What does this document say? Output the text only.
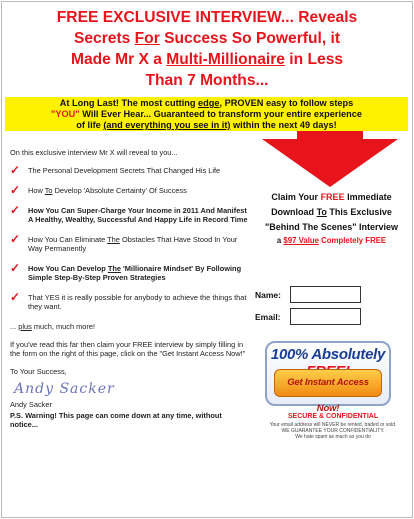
FREE EXCLUSIVE INTERVIEW... Reveals
Secrets For Success So Powerful, it
Made Mr X a Multi-Millionaire in Less
Than 7 Months...
At Long Last! The most cutting edge, PROVEN easy to follow steps
"YOU" Will Ever Hear... Guaranteed to transform your entire experience
of life (and everything you see in it) within the next 49 days!
On this exclusive interview Mr X will reveal to you...
✓ The Personal Development Secrets That Changed His Life
✓ How To Develop 'Absolute Certainty' Of Success
✓ How You Can Super-Charge Your Income in 2011 And Manifest A Healthy, Wealthy, Successful And Happy Life in Record Time
✓ How You Can Eliminate The Obstacles That Have Stood In Your Way Permanently
✓ How You Can Develop The 'Millionaire Mindset' By Following Simple Step-By-Step Proven Strategies
✓ That YES it is really possible for anybody to achieve the things that they want.
... plus much, much more!
If you've read this far then claim your FREE interview by simply filling in the form on the right of this page, click on the "Get Instant Access Now!"
To Your Success,
Andy Sacker
Andy Sacker
P.S. Warning! This page can come down at any time, without notice...
Claim Your FREE Immediate
Download To This Exclusive
"Behind The Scenes" Interview
a $97 Value Completely FREE
Name:
Email:
100% Absolutely
Get Instant Access Now!
SECURE & CONFIDENTIAL
Your email address will NEVER be rented, traded or sold.
WE GUARANTEE YOUR CONFIDENTIALITY.
We hate spam as much as you do
